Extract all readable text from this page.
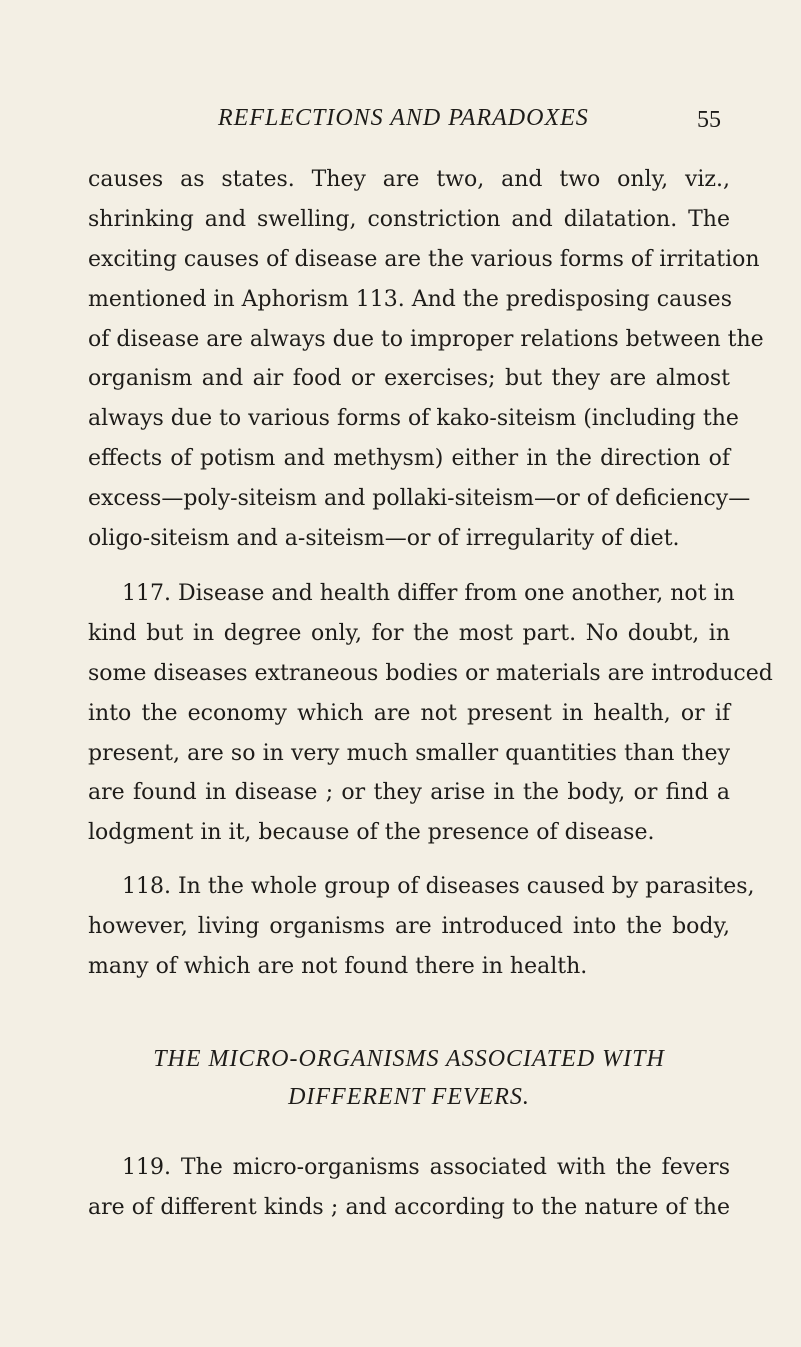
REFLECTIONS AND PARADOXES	55
causes as states. They are two, and two only, viz.,
shrinking and swelling, constriction and dilatation. The
exciting causes of disease are the various forms of irritation
mentioned in Aphorism 113. And the predisposing causes
of disease are always due to improper relations between the
organism and air food or exercises; but they are almost
always due to various forms of kako-siteism (including the
effects of potism and methysm) either in the direction of
excess—poly-siteism and pollaki-siteism—or of deficiency—
oligo-siteism and a-siteism—or of irregularity of diet.
117. Disease and health differ from one another, not in
kind but in degree only, for the most part. No doubt, in
some diseases extraneous bodies or materials are introduced
into the economy which are not present in health, or if
present, are so in very much smaller quantities than they
are found in disease ; or they arise in the body, or find a
lodgment in it, because of the presence of disease.
118. In the whole group of diseases caused by parasites,
however, living organisms are introduced into the body,
many of which are not found there in health.
THE MICRO-ORGANISMS ASSOCIATED WITH
DIFFERENT FEVERS.
119. The micro-organisms associated with the fevers
are of different kinds ; and according to the nature of the
